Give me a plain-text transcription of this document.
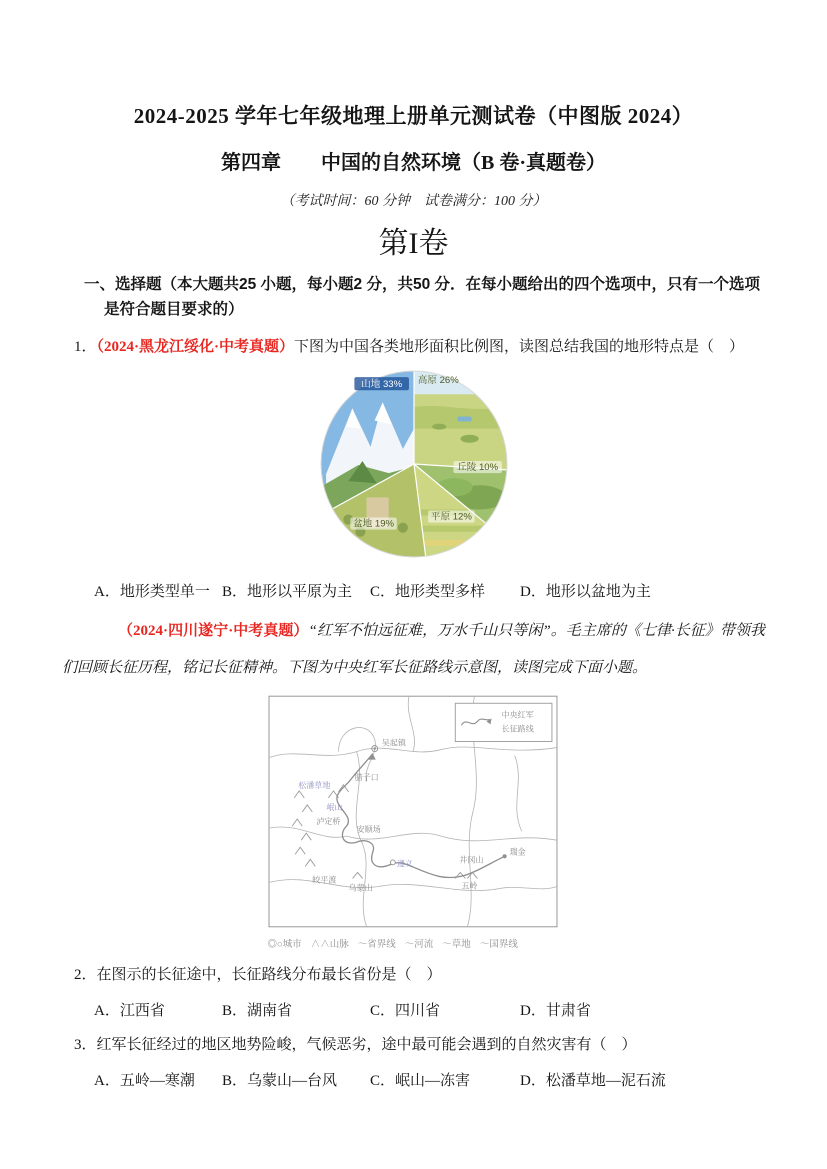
2024-2025 学年七年级地理上册单元测试卷（中图版 2024）
第四章　　中国的自然环境（B 卷·真题卷）
（考试时间：60 分钟　试卷满分：100 分）
第I卷
一、选择题（本大题共25 小题，每小题2 分，共50 分．在每小题给出的四个选项中，只有一个选项是符合题目要求的）

1．（2024·黑龙江绥化·中考真题）下图为中国各类地形面积比例图，读图总结我国的地形特点是（　）

山地 33% 高原 26%
丘陵 10%
平原 12%
盆地 19%
A．地形类型单一 B．地形以平原为主	C．地形类型多样	D．地形以盆地为主

（2024·四川遂宁·中考真题）“红军不怕远征难，万水千山只等闲”。毛主席的《七律·长征》带领我们回顾长征历程，铭记长征精神。下图为中央红军长征路线示意图，读图完成下面小题。

吴起镇
腊子口
松潘草地
岷山
泸定桥
安顺场
皎平渡
乌蒙山
遵义
五岭
井冈山
瑞金
中央红军
长征路线
◎○城市 ∧∧山脉 ～省界线 ～河流 ～草地 ～国界线

2．在图示的长征途中，长征路线分布最长省份是（　）

A．江西省	B．湖南省	C．四川省	D．甘肃省

3．红军长征经过的地区地势险峻，气候恶劣，途中最可能会遇到的自然灾害有（　）

A．五岭—寒潮	B．乌蒙山—台风	C．岷山—冻害	D．松潘草地—泥石流
